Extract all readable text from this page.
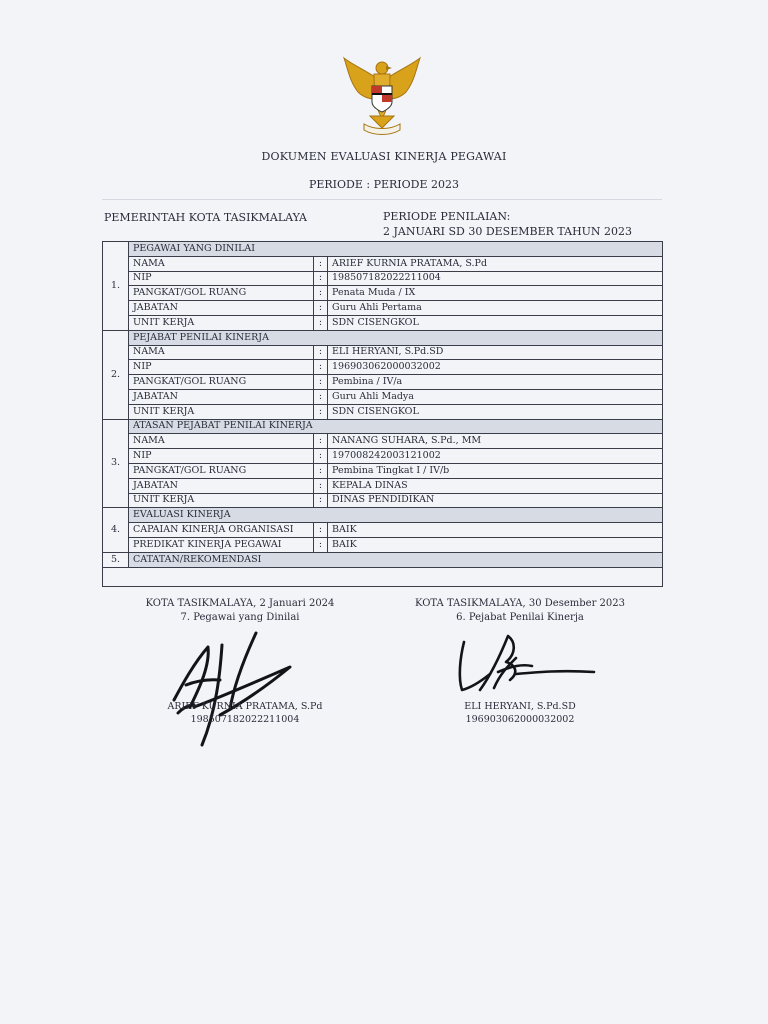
DOKUMEN EVALUASI KINERJA PEGAWAI
PERIODE : PERIODE 2023
PEMERINTAH KOTA TASIKMALAYA	PERIODE PENILAIAN:
2 JANUARI SD 30 DESEMBER TAHUN 2023
1.	PEGAWAI YANG DINILAI		
	NAMA	:	ARIEF KURNIA PRATAMA, S.Pd
	NIP	:	198507182022211004
	PANGKAT/GOL RUANG	:	Penata Muda / IX
	JABATAN	:	Guru Ahli Pertama
	UNIT KERJA	:	SDN CISENGKOL
2.	PEJABAT PENILAI KINERJA		
	NAMA	:	ELI HERYANI, S.Pd.SD
	NIP	:	196903062000032002
	PANGKAT/GOL RUANG	:	Pembina / IV/a
	JABATAN	:	Guru Ahli Madya
	UNIT KERJA	:	SDN CISENGKOL
3.	ATASAN PEJABAT PENILAI KINERJA		
	NAMA	:	NANANG SUHARA, S.Pd., MM
	NIP	:	197008242003121002
	PANGKAT/GOL RUANG	:	Pembina Tingkat I / IV/b
	JABATAN	:	KEPALA DINAS
	UNIT KERJA	:	DINAS PENDIDIKAN
4.	EVALUASI KINERJA		
	CAPAIAN KINERJA ORGANISASI	:	BAIK
	PREDIKAT KINERJA PEGAWAI	:	BAIK
5.	CATATAN/REKOMENDASI		

KOTA TASIKMALAYA, 2 Januari 2024
7. Pegawai yang Dinilai
ARIEF KURNIA PRATAMA, S.Pd
198507182022211004
KOTA TASIKMALAYA, 30 Desember 2023
6. Pejabat Penilai Kinerja
ELI HERYANI, S.Pd.SD
196903062000032002
